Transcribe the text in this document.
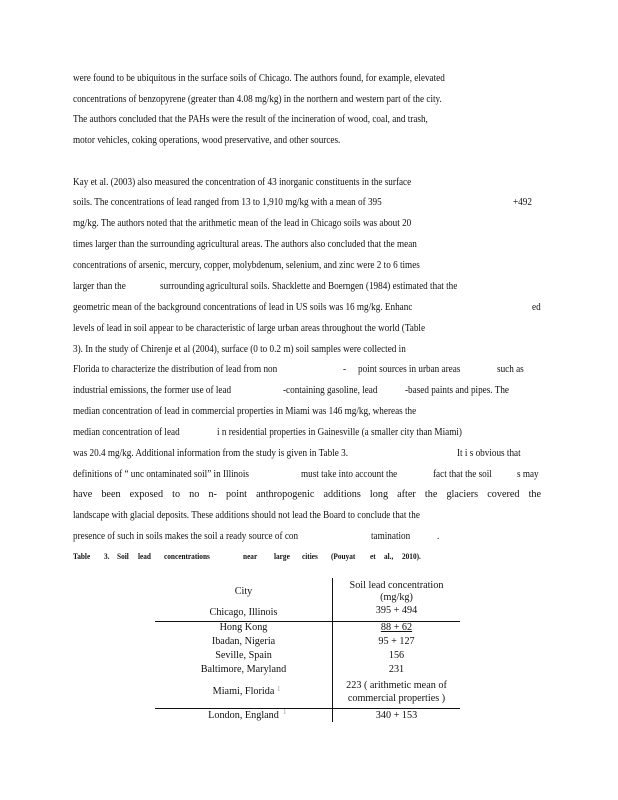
were found to be ubiquitous in the surface soils of Chicago. The authors found, for example, elevated
concentrations of benzopyrene (greater than 4.08 mg/kg) in the northern and western part of the city.
The authors concluded that the PAHs were the result of the incineration of wood, coal, and trash,
motor vehicles, coking operations, wood preservative, and other sources.
Kay et al. (2003) also measured the concentration of 43 inorganic constituents in the surface
soils. The concentrations of lead ranged from 13 to 1,910 mg/kg with a mean of 395	+492
mg/kg. The authors noted that the arithmetic mean of the lead in Chicago soils was about 20
times larger than the surrounding agricultural areas. The authors also concluded that the mean
concentrations of arsenic, mercury, copper, molybdenum, selenium, and zinc were 2 to 6 times
larger than the	surrounding agricultural soils. Shacklette and Boerngen (1984) estimated that the
geometric mean of the background concentrations of lead in US soils was 16 mg/kg. Enhanc	ed
levels of lead in soil appear to be characteristic of large urban areas throughout the world (Table
3). In the study of Chirenje et al (2004), surface (0 to 0.2 m) soil samples were collected in
Florida to characterize the distribution of lead from non	- point sources in urban areas	such as
industrial emissions, the former use of lead	-containing gasoline, lead	-based paints and pipes. The
median concentration of lead in commercial properties in Miami was 146 mg/kg, whereas the
median concentration of lead	i n residential properties in Gainesville (a smaller city than Miami)
was 20.4 mg/kg. Additional information from the study is given in Table 3.	It i s obvious that
definitions of “ unc ontaminated soil” in Illinois	must take into account the	fact that the soil s may
have been exposed to no n- point anthropogenic additions long after the glaciers covered the
landscape with glacial deposits. These additions should not lead the Board to conclude that the
presence of such in soils makes the soil a ready source of con	tamination	.
Table 3. Soil lead concentrations	near large cities (Pouyat et al., 2010).
City
Soil lead concentration
(mg/kg)
Chicago, Illinois	395 + 494
Hong Kong	88 + 62
Ibadan, Nigeria	95 + 127
Seville, Spain	156
Baltimore, Maryland	231
Miami, Florida 1	223 ( arithmetic mean of
commercial properties )
London, England 1	340 + 153
